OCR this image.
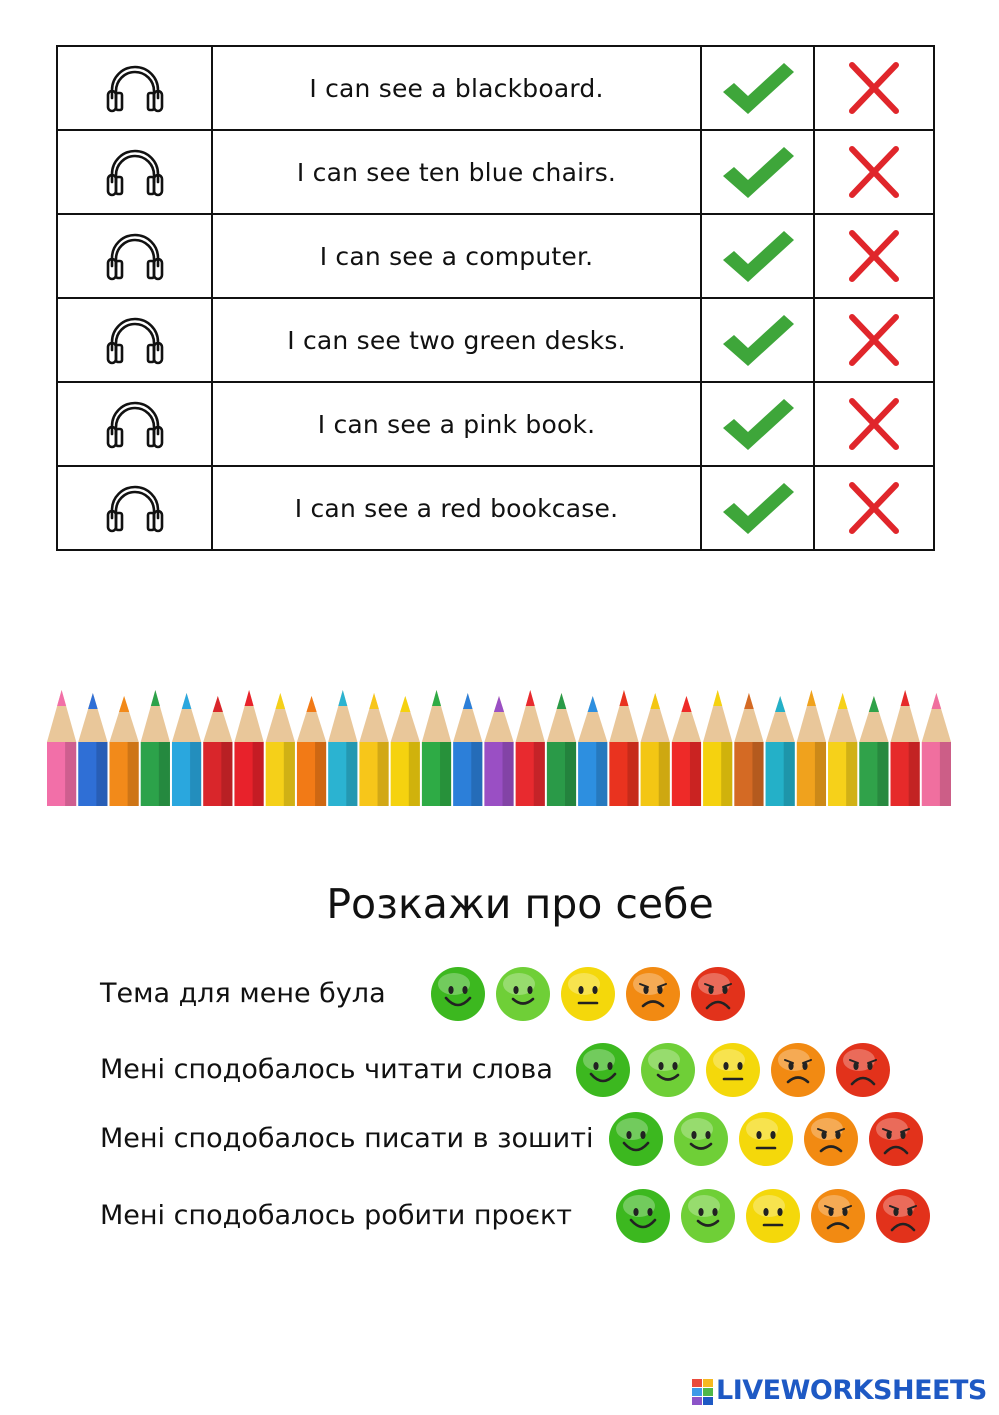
	I can see a blackboard.	

	I can see ten blue chairs.	

	I can see a computer.	

	I can see two green desks.	

	I can see a pink book.	

	I can see a red bookcase.	

Розкажи про себе
Тема для мене була
Мені сподобалось читати слова
Мені сподобалось писати в зошиті
Мені сподобалось робити проєкт
LIVEWORKSHEETS
